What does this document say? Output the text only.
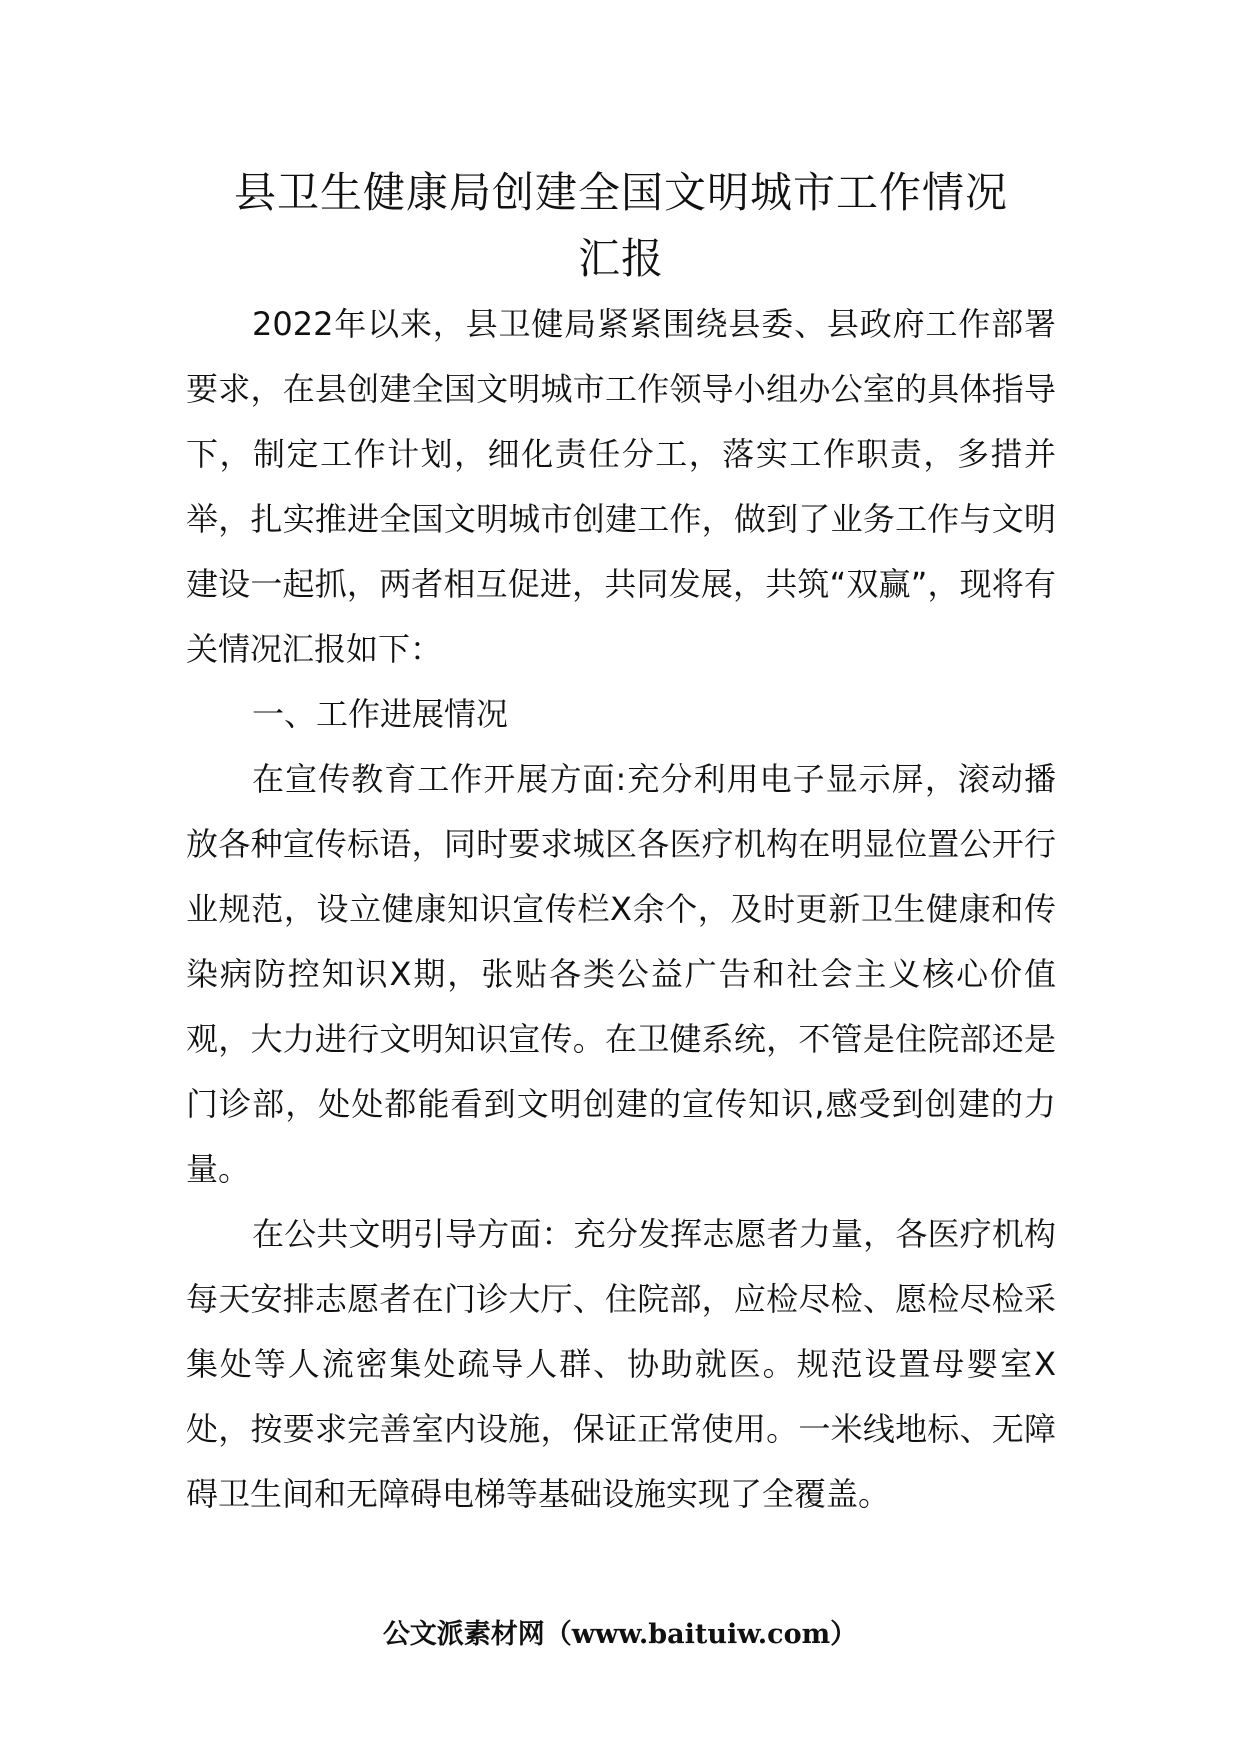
县卫生健康局创建全国文明城市工作情况
汇报

2022年以来，县卫健局紧紧围绕县委、县政府工作部署要求，在县创建全国文明城市工作领导小组办公室的具体指导下，制定工作计划，细化责任分工，落实工作职责，多措并举，扎实推进全国文明城市创建工作，做到了业务工作与文明建设一起抓，两者相互促进，共同发展，共筑“双赢”，现将有关情况汇报如下：

一、工作进展情况

在宣传教育工作开展方面:充分利用电子显示屏，滚动播放各种宣传标语，同时要求城区各医疗机构在明显位置公开行业规范，设立健康知识宣传栏X余个，及时更新卫生健康和传染病防控知识X期，张贴各类公益广告和社会主义核心价值观，大力进行文明知识宣传。在卫健系统，不管是住院部还是门诊部，处处都能看到文明创建的宣传知识,感受到创建的力量。

在公共文明引导方面：充分发挥志愿者力量，各医疗机构每天安排志愿者在门诊大厅、住院部，应检尽检、愿检尽检采集处等人流密集处疏导人群、协助就医。规范设置母婴室X处，按要求完善室内设施，保证正常使用。一米线地标、无障碍卫生间和无障碍电梯等基础设施实现了全覆盖。

公文派素材网（www.baituiw.com）
